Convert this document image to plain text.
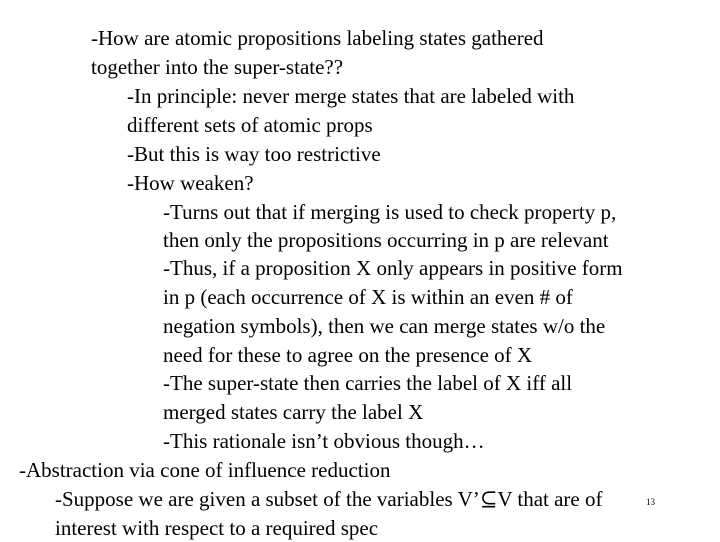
-How are atomic propositions labeling states gathered
together into the super-state??
-In principle: never merge states that are labeled with
different sets of atomic props
-But this is way too restrictive
-How weaken?
-Turns out that if merging is used to check property p,
then only the propositions occurring in p are relevant
-Thus, if a proposition X only appears in positive form
in p (each occurrence of X is within an even # of
negation symbols), then we can merge states w/o the
need for these to agree on the presence of X
-The super-state then carries the label of X iff all
merged states carry the label X
-This rationale isn’t obvious though…
-Abstraction via cone of influence reduction
-Suppose we are given a subset of the variables V’⊆V that are of
interest with respect to a required spec
13
